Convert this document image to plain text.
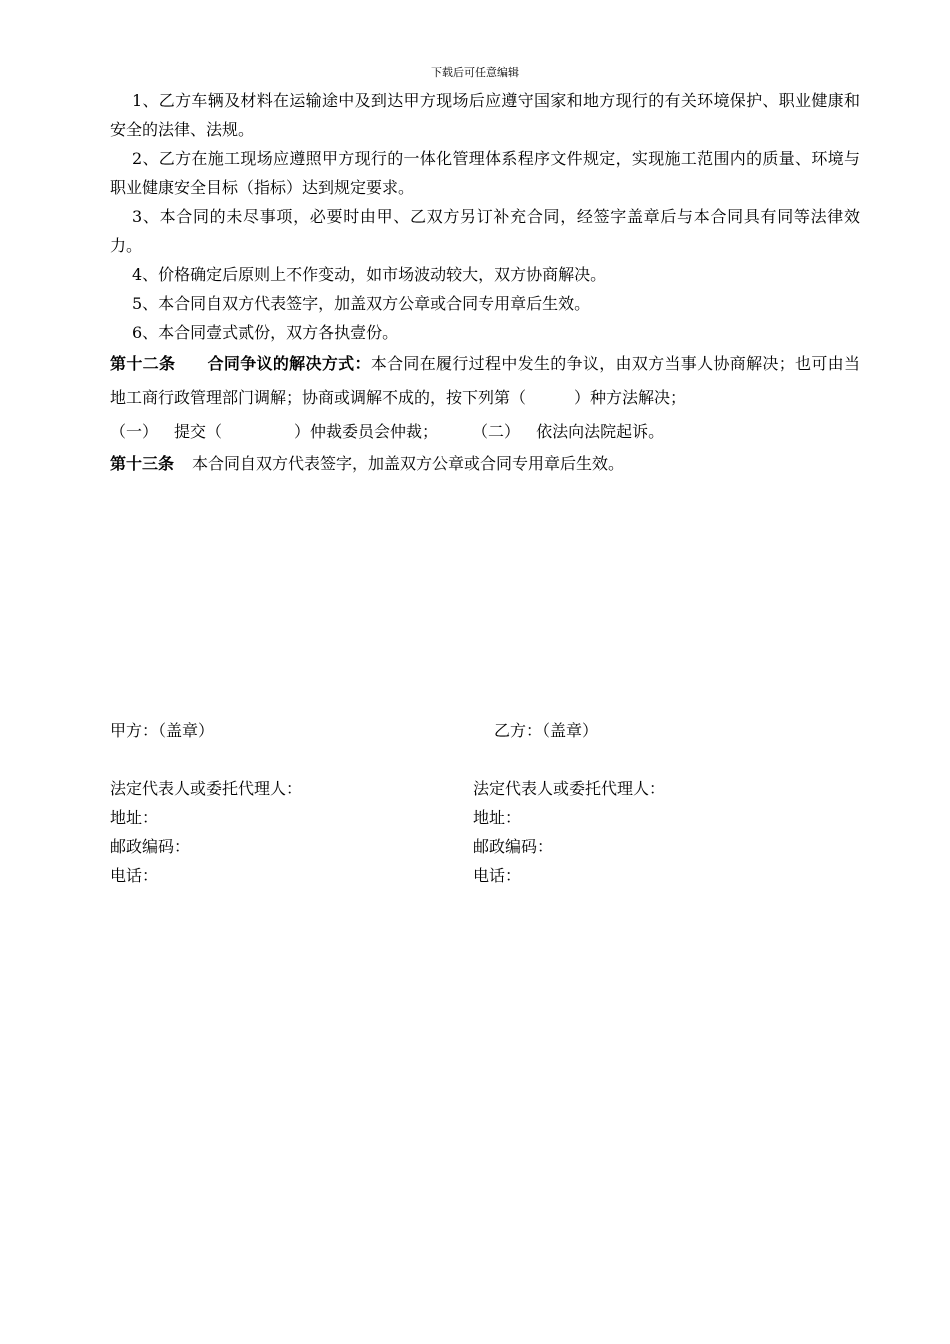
下载后可任意编辑

1、乙方车辆及材料在运输途中及到达甲方现场后应遵守国家和地方现行的有关环境保护、职业健康和安全的法律、法规。

2、乙方在施工现场应遵照甲方现行的一体化管理体系程序文件规定，实现施工范围内的质量、环境与职业健康安全目标（指标）达到规定要求。

3、本合同的未尽事项，必要时由甲、乙双方另订补充合同，经签字盖章后与本合同具有同等法律效力。

4、价格确定后原则上不作变动，如市场波动较大，双方协商解决。

5、本合同自双方代表签字，加盖双方公章或合同专用章后生效。

6、本合同壹式贰份，双方各执壹份。

第十二条 合同争议的解决方式：本合同在履行过程中发生的争议，由双方当事人协商解决；也可由当地工商行政管理部门调解；协商或调解不成的，按下列第（	）种方法解决；

（一） 提交（	）仲裁委员会仲裁； （二） 依法向法院起诉。

第十三条 本合同自双方代表签字，加盖双方公章或合同专用章后生效。

甲方：（盖章）
法定代表人或委托代理人：
地址：
邮政编码：
电话：
乙方：（盖章）
法定代表人或委托代理人：
地址：
邮政编码：
电话：
